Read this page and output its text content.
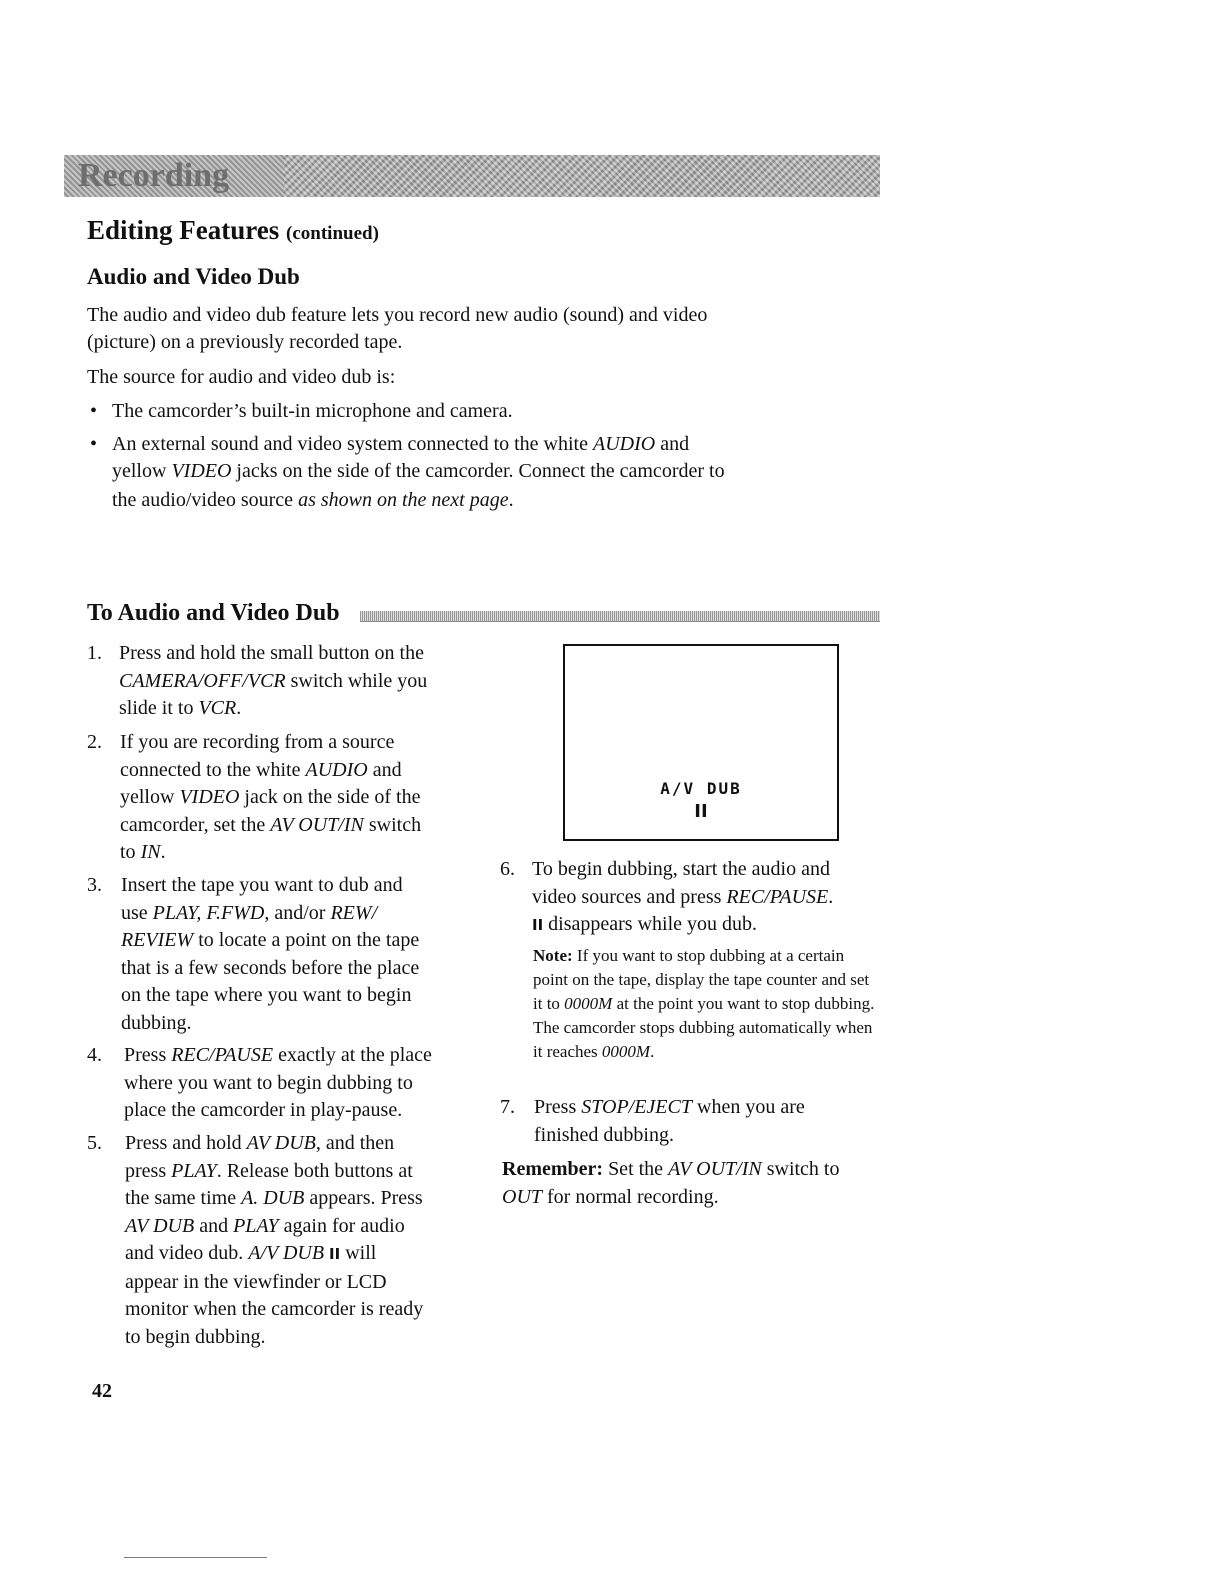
Recording
Editing Features (continued)
Audio and Video Dub
The audio and video dub feature lets you record new audio (sound) and video
(picture) on a previously recorded tape.
The source for audio and video dub is:
• The camcorder’s built-in microphone and camera.
• An external sound and video system connected to the white AUDIO and
yellow VIDEO jacks on the side of the camcorder. Connect the camcorder to
the audio/video source as shown on the next page.
To Audio and Video Dub
1. Press and hold the small button on the
CAMERA/OFF/VCR switch while you
slide it to VCR.
2. If you are recording from a source
connected to the white AUDIO and
yellow VIDEO jack on the side of the
camcorder, set the AV OUT/IN switch
to IN.
3. Insert the tape you want to dub and
use PLAY, F.FWD, and/or REW/
REVIEW to locate a point on the tape
that is a few seconds before the place
on the tape where you want to begin
dubbing.
4. Press REC/PAUSE exactly at the place
where you want to begin dubbing to
place the camcorder in play-pause.
5. Press and hold AV DUB, and then
press PLAY. Release both buttons at
the same time A. DUB appears. Press
AV DUB and PLAY again for audio
and video dub. A/V DUB II will
appear in the viewfinder or LCD
monitor when the camcorder is ready
to begin dubbing.
A/V DUB
II
6. To begin dubbing, start the audio and
video sources and press REC/PAUSE.
II disappears while you dub.
Note: If you want to stop dubbing at a certain point on the tape, display the tape counter and set it to 0000M at the point you want to stop dubbing. The camcorder stops dubbing automatically when it reaches 0000M.
7. Press STOP/EJECT when you are
finished dubbing.
Remember: Set the AV OUT/IN switch to OUT for normal recording.
42
